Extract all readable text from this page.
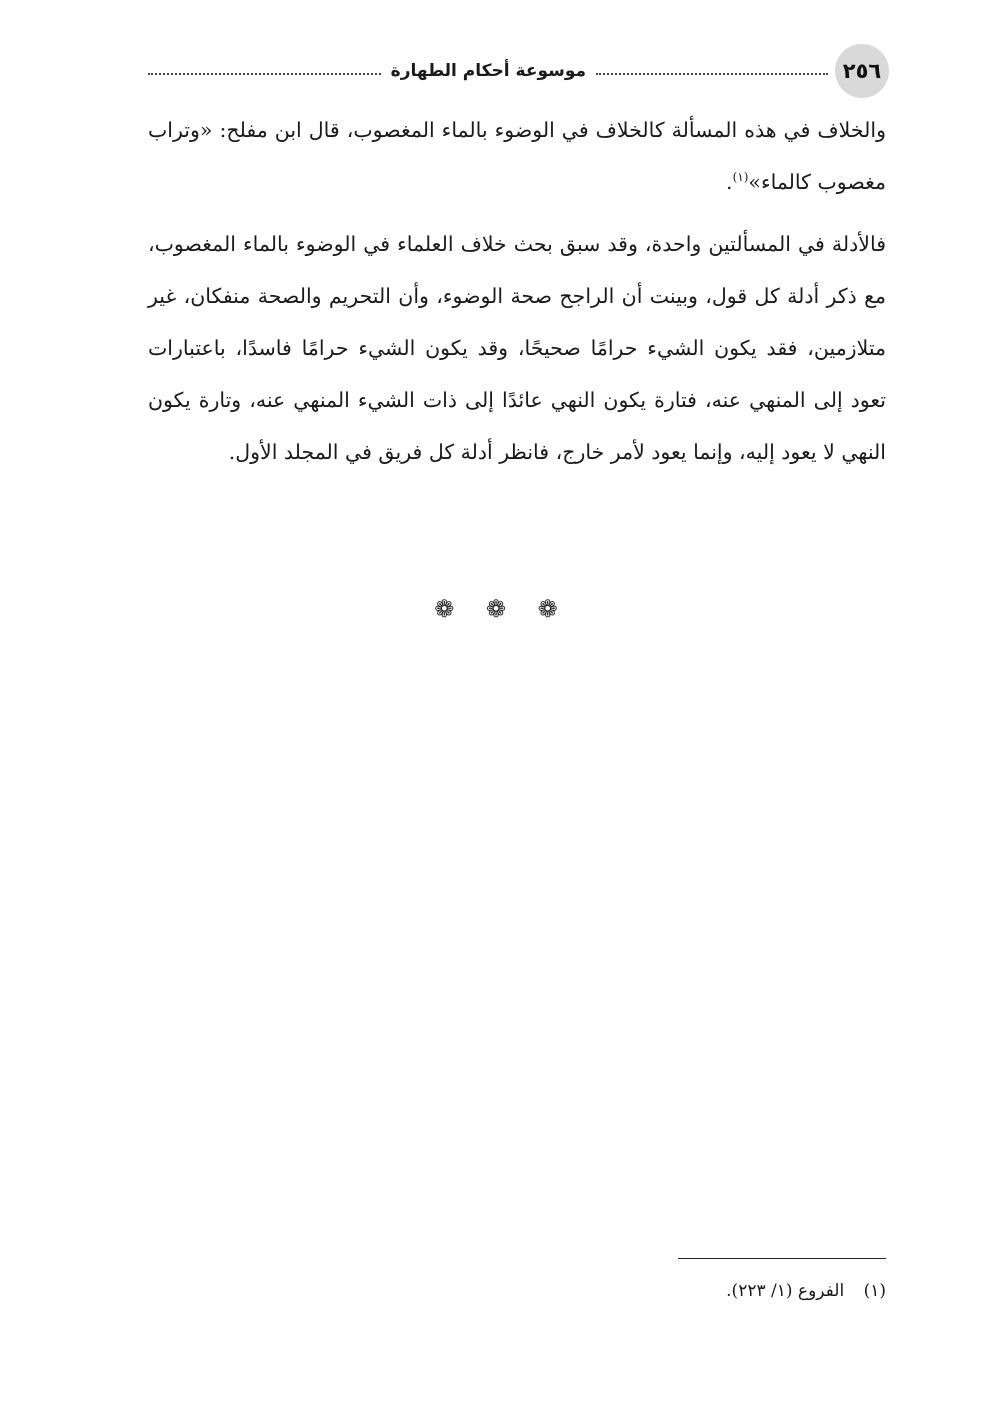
٢٥٦
موسوعة أحكام الطهارة

والخلاف في هذه المسألة كالخلاف في الوضوء بالماء المغصوب، قال ابن مفلح: «وتراب مغصوب كالماء»$^{(١)}$.

فالأدلة في المسألتين واحدة، وقد سبق بحث خلاف العلماء في الوضوء بالماء المغصوب، مع ذكر أدلة كل قول، وبينت أن الراجح صحة الوضوء، وأن التحريم والصحة منفكان، غير متلازمين، فقد يكون الشيء حرامًا صحيحًا، وقد يكون الشيء حرامًا فاسدًا، باعتبارات تعود إلى المنهي عنه، فتارة يكون النهي عائدًا إلى ذات الشيء المنهي عنه، وتارة يكون النهي لا يعود إليه، وإنما يعود لأمر خارج، فانظر أدلة كل فريق في المجلد الأول.

❁ ❁ ❁
(١) الفروع (١/ ٢٢٣).
